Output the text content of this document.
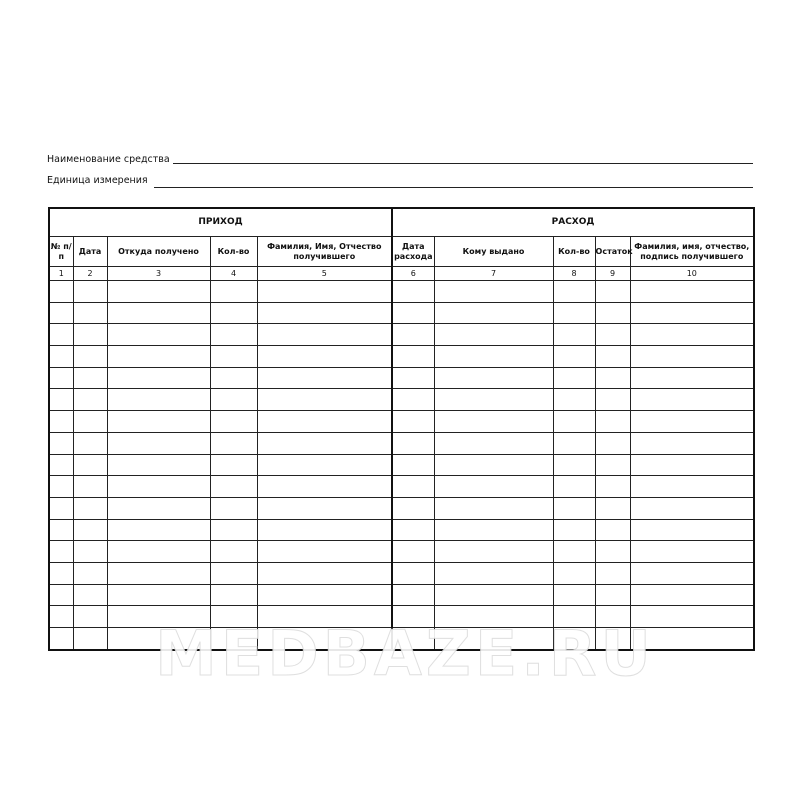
Наименование средства
Единица измерения
ПРИХОД					РАСХОД				
№ п/п	Дата	Откуда получено	Кол-во	Фамилия, Имя, Отчество получившего	Дата расхода	Кому выдано	Кол-во	Остаток	Фамилия, имя, отчество, подпись получившего
1	2	3	4	5	6	7	8	9	10

MEDBAZE.RU
